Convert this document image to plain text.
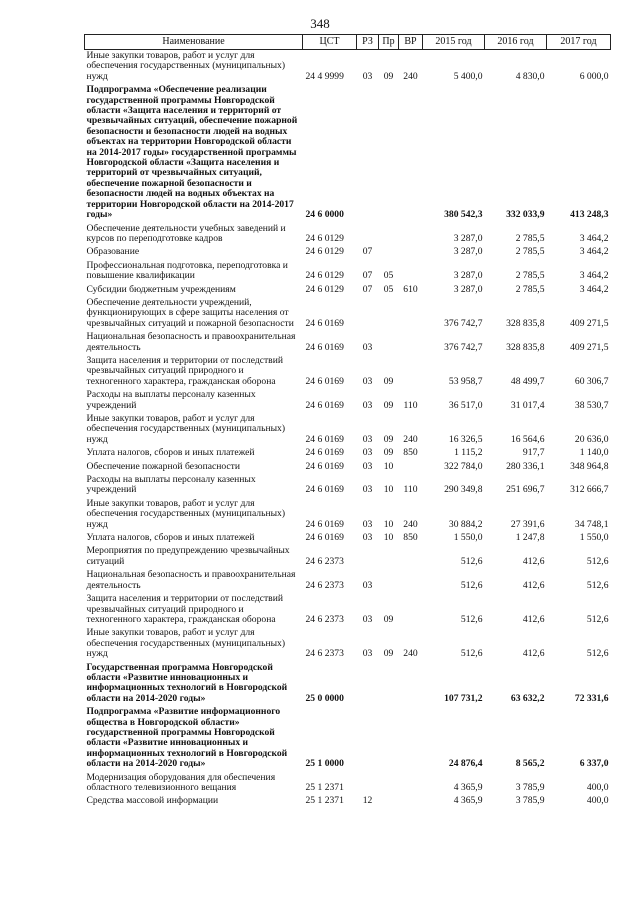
348
Наименование	ЦСТ	РЗ	Пр	ВР	2015 год	2016 год	2017 год
Иные закупки товаров, работ и услуг для обеспечения государственных (муниципальных) нужд	24 4 9999	03	09	240	5 400,0	4 830,0	6 000,0
Подпрограмма «Обеспечение реализации государственной программы Новгородской области «Защита населения и территорий от чрезвычайных ситуаций, обеспечение пожарной безопасности и безопасности людей на водных объектах на территории Новгородской области на 2014-2017 годы» государственной программы Новгородской области «Защита населения и территорий от чрезвычайных ситуаций, обеспечение пожарной безопасности и безопасности людей на водных объектах на территории Новгородской области на 2014-2017 годы»	24 6 0000				380 542,3	332 033,9	413 248,3
Обеспечение деятельности учебных заведений и курсов по переподготовке кадров	24 6 0129				3 287,0	2 785,5	3 464,2
Образование	24 6 0129	07			3 287,0	2 785,5	3 464,2
Профессиональная подготовка, переподготовка и повышение квалификации	24 6 0129	07	05		3 287,0	2 785,5	3 464,2
Субсидии бюджетным учреждениям	24 6 0129	07	05	610	3 287,0	2 785,5	3 464,2
Обеспечение деятельности учреждений, функционирующих в сфере защиты населения от чрезвычайных ситуаций и пожарной безопасности	24 6 0169				376 742,7	328 835,8	409 271,5
Национальная безопасность и правоохранительная деятельность	24 6 0169	03			376 742,7	328 835,8	409 271,5
Защита населения и территории от последствий чрезвычайных ситуаций природного и техногенного характера, гражданская оборона	24 6 0169	03	09		53 958,7	48 499,7	60 306,7
Расходы на выплаты персоналу казенных учреждений	24 6 0169	03	09	110	36 517,0	31 017,4	38 530,7
Иные закупки товаров, работ и услуг для обеспечения государственных (муниципальных) нужд	24 6 0169	03	09	240	16 326,5	16 564,6	20 636,0
Уплата налогов, сборов и иных платежей	24 6 0169	03	09	850	1 115,2	917,7	1 140,0
Обеспечение пожарной безопасности	24 6 0169	03	10		322 784,0	280 336,1	348 964,8
Расходы на выплаты персоналу казенных учреждений	24 6 0169	03	10	110	290 349,8	251 696,7	312 666,7
Иные закупки товаров, работ и услуг для обеспечения государственных (муниципальных) нужд	24 6 0169	03	10	240	30 884,2	27 391,6	34 748,1
Уплата налогов, сборов и иных платежей	24 6 0169	03	10	850	1 550,0	1 247,8	1 550,0
Мероприятия по предупреждению чрезвычайных ситуаций	24 6 2373				512,6	412,6	512,6
Национальная безопасность и правоохранительная деятельность	24 6 2373	03			512,6	412,6	512,6
Защита населения и территории от последствий чрезвычайных ситуаций природного и техногенного характера, гражданская оборона	24 6 2373	03	09		512,6	412,6	512,6
Иные закупки товаров, работ и услуг для обеспечения государственных (муниципальных) нужд	24 6 2373	03	09	240	512,6	412,6	512,6
Государственная программа Новгородской области «Развитие инновационных и информационных технологий в Новгородской области на 2014-2020 годы»	25 0 0000				107 731,2	63 632,2	72 331,6
Подпрограмма «Развитие информационного общества в Новгородской области» государственной программы Новгородской области «Развитие инновационных и информационных технологий в Новгородской области на 2014-2020 годы»	25 1 0000				24 876,4	8 565,2	6 337,0
Модернизация оборудования для обеспечения областного телевизионного вещания	25 1 2371				4 365,9	3 785,9	400,0
Средства массовой информации	25 1 2371	12			4 365,9	3 785,9	400,0
